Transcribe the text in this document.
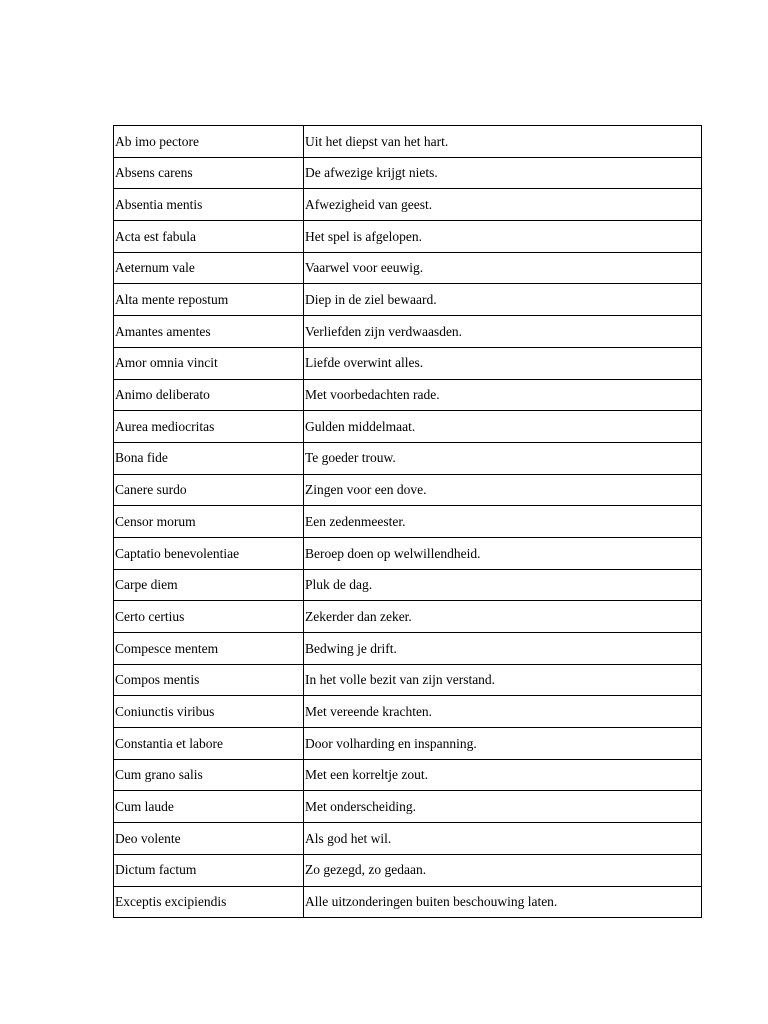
Ab imo pectore	Uit het diepst van het hart.
Absens carens	De afwezige krijgt niets.
Absentia mentis	Afwezigheid van geest.
Acta est fabula	Het spel is afgelopen.
Aeternum vale	Vaarwel voor eeuwig.
Alta mente repostum	Diep in de ziel bewaard.
Amantes amentes	Verliefden zijn verdwaasden.
Amor omnia vincit	Liefde overwint alles.
Animo deliberato	Met voorbedachten rade.
Aurea mediocritas	Gulden middelmaat.
Bona fide	Te goeder trouw.
Canere surdo	Zingen voor een dove.
Censor morum	Een zedenmeester.
Captatio benevolentiae	Beroep doen op welwillendheid.
Carpe diem	Pluk de dag.
Certo certius	Zekerder dan zeker.
Compesce mentem	Bedwing je drift.
Compos mentis	In het volle bezit van zijn verstand.
Coniunctis viribus	Met vereende krachten.
Constantia et labore	Door volharding en inspanning.
Cum grano salis	Met een korreltje zout.
Cum laude	Met onderscheiding.
Deo volente	Als god het wil.
Dictum factum	Zo gezegd, zo gedaan.
Exceptis excipiendis	Alle uitzonderingen buiten beschouwing laten.
